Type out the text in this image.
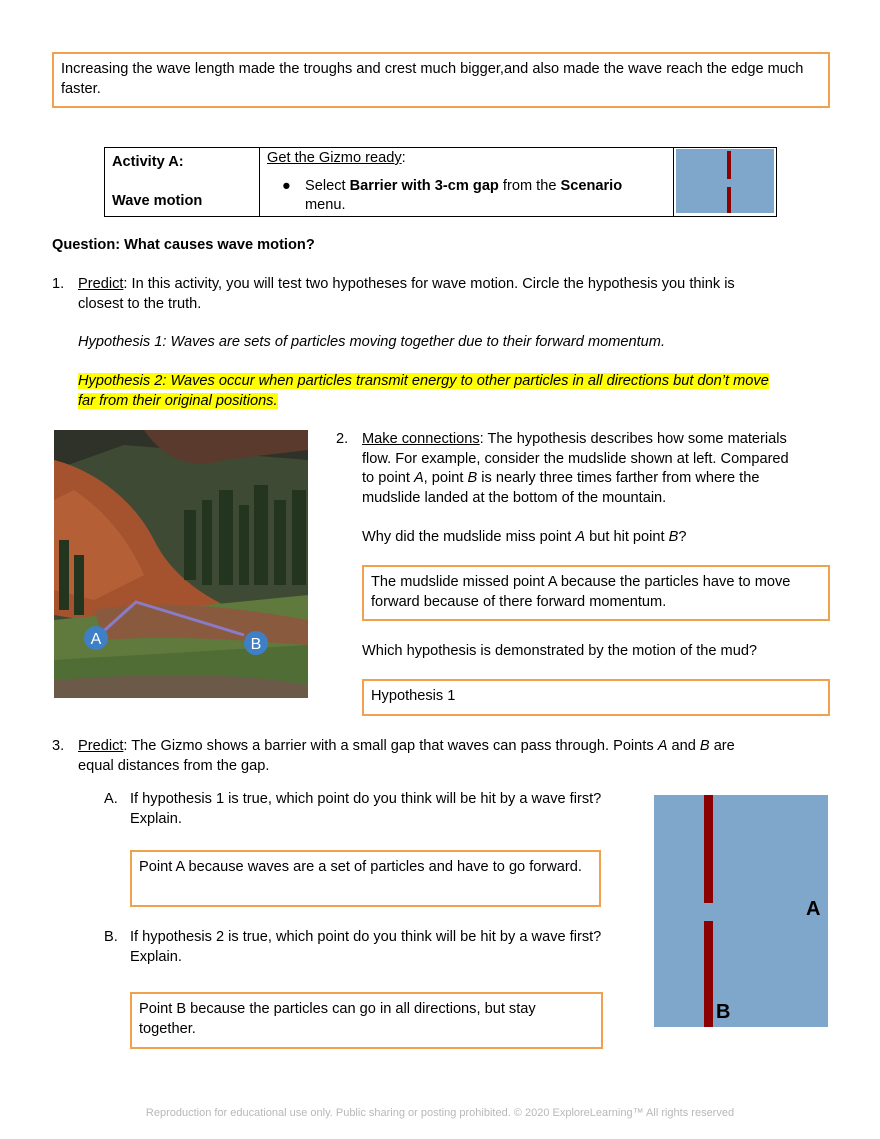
Increasing the wave length made the troughs and crest much bigger,and also made the wave reach the edge much faster.
Activity A:
Wave motion

Get the Gizmo ready:
● Select Barrier with 3-cm gap from the Scenario
menu.

Question: What causes wave motion?
1. Predict: In this activity, you will test two hypotheses for wave motion. Circle the hypothesis you think is
closest to the truth.
Hypothesis 1: Waves are sets of particles moving together due to their forward momentum.
Hypothesis 2: Waves occur when particles transmit energy to other particles in all directions but don’t move
far from their original positions.
A	B
2. Make connections: The hypothesis describes how some materials
flow. For example, consider the mudslide shown at left. Compared
to point A, point B is nearly three times farther from where the
mudslide landed at the bottom of the mountain.
Why did the mudslide miss point A but hit point B?
The mudslide missed point A because the particles have to move forward because of there forward momentum.
Which hypothesis is demonstrated by the motion of the mud?
Hypothesis 1
3. Predict: The Gizmo shows a barrier with a small gap that waves can pass through. Points A and B are
equal distances from the gap.
A. If hypothesis 1 is true, which point do you think will be hit by a wave first? Explain.
Point A because waves are a set of particles and have to go forward.
B. If hypothesis 2 is true, which point do you think will be hit by a wave first? Explain.
Point B because the particles can go in all directions, but stay together.
A
B
Reproduction for educational use only. Public sharing or posting prohibited. © 2020 ExploreLearning™ All rights reserved
